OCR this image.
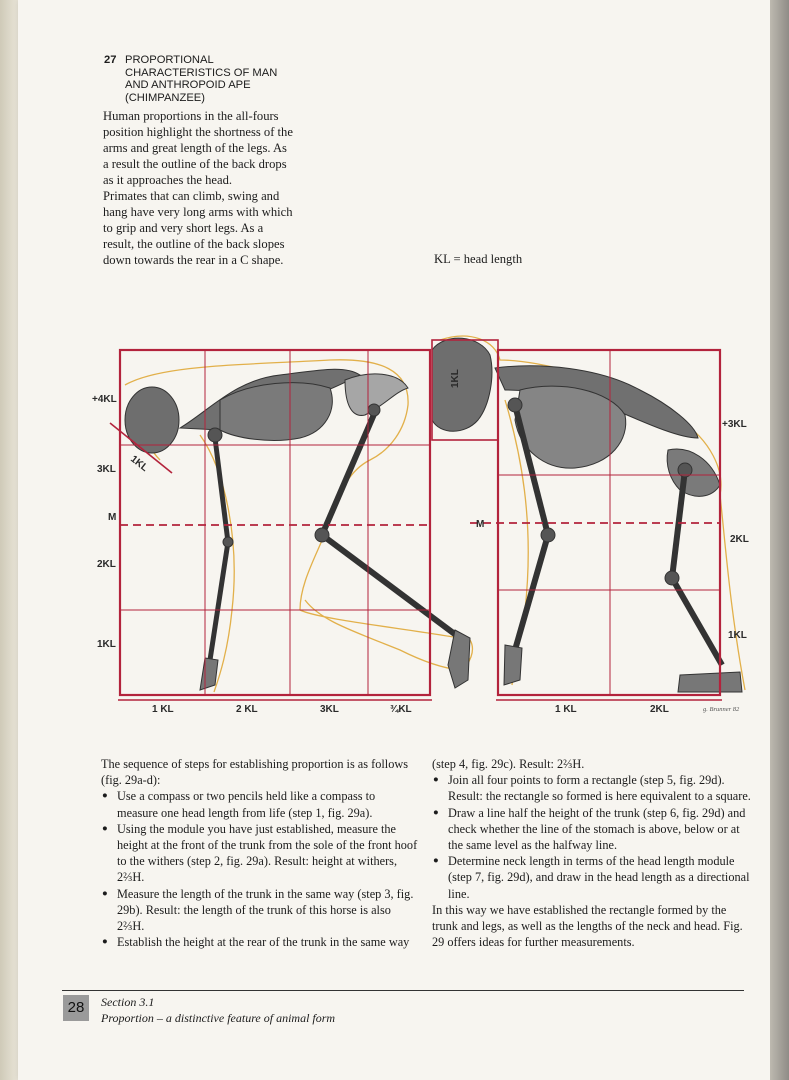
27 PROPORTIONAL
CHARACTERISTICS OF MAN
AND ANTHROPOID APE
(CHIMPANZEE)

Human proportions in the all-fours position highlight the shortness of the arms and great length of the legs. As a result the outline of the back drops as it approaches the head.

Primates that can climb, swing and hang have very long arms with which to grip and very short legs. As a result, the outline of the back slopes down towards the rear in a C shape.	KL = head length
+4KL
3KL
M
2KL
1KL
1KL
1 KL	2 KL	3KL	¾KL
1KL
M
+3KL
2KL
1KL
1 KL	2KL	g. Brunner 82

The sequence of steps for establishing proportion is as follows (fig. 29a-d):

● Use a compass or two pencils held like a compass to measure one head length from life (step 1, fig. 29a).
● Using the module you have just established, measure the height at the front of the trunk from the sole of the front hoof to the withers (step 2, fig. 29a). Result: height at withers, 2⅔H.
● Measure the length of the trunk in the same way (step 3, fig. 29b). Result: the length of the trunk of this horse is also 2⅔H.
● Establish the height at the rear of the trunk in the same way

(step 4, fig. 29c). Result: 2⅔H.

● Join all four points to form a rectangle (step 5, fig. 29d). Result: the rectangle so formed is here equivalent to a square.
● Draw a line half the height of the trunk (step 6, fig. 29d) and check whether the line of the stomach is above, below or at the same level as the halfway line.
● Determine neck length in terms of the head length module (step 7, fig. 29d), and draw in the head length as a directional line.

In this way we have established the rectangle formed by the trunk and legs, as well as the lengths of the neck and head. Fig. 29 offers ideas for further measurements.

28	Section 3.1
Proportion – a distinctive feature of animal form
